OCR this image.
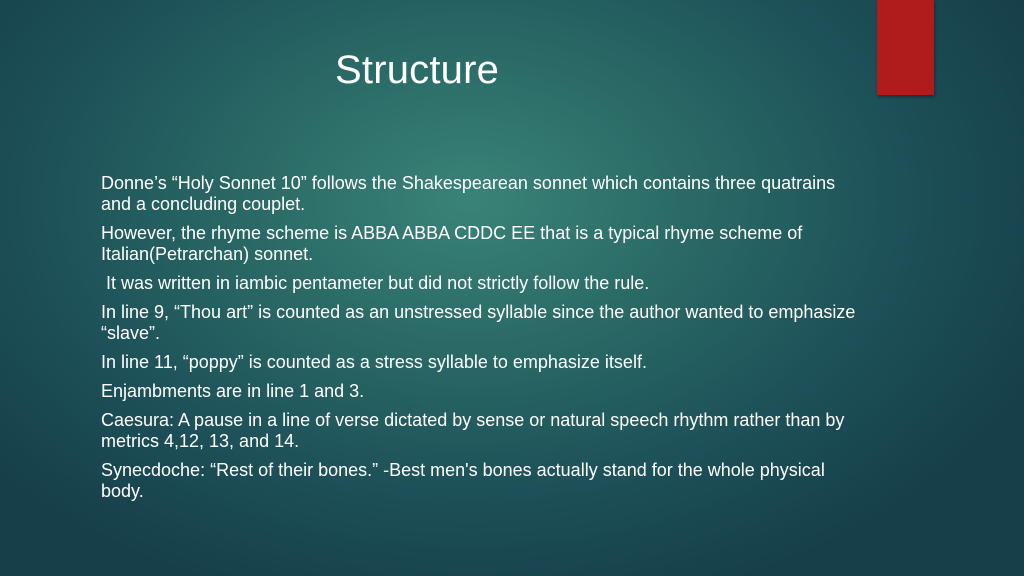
Structure
Donne’s “Holy Sonnet 10” follows the Shakespearean sonnet which contains three quatrains and a concluding couplet.
However, the rhyme scheme is ABBA ABBA CDDC EE that is a typical rhyme scheme of Italian(Petrarchan) sonnet.
It was written in iambic pentameter but did not strictly follow the rule.
In line 9, “Thou art” is counted as an unstressed syllable since the author wanted to emphasize “slave”.
In line 11, “poppy” is counted as a stress syllable to emphasize itself.
Enjambments are in line 1 and 3.
Caesura: A pause in a line of verse dictated by sense or natural speech rhythm rather than by metrics 4,12, 13, and 14.
Synecdoche: “Rest of their bones.” -Best men's bones actually stand for the whole physical body.
